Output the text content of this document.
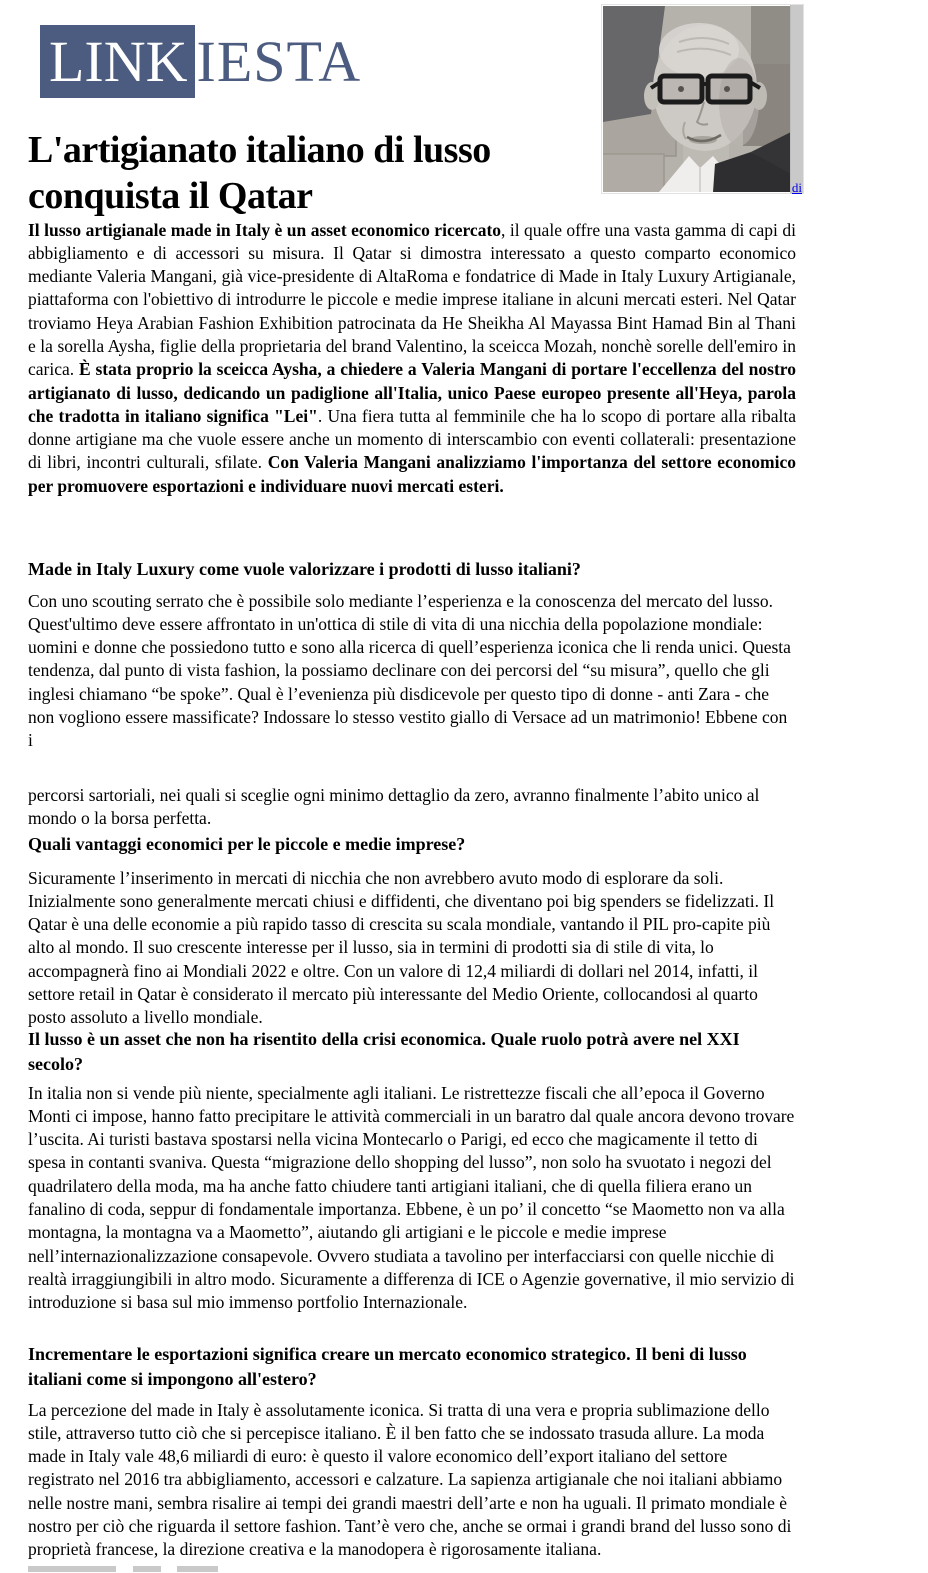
LINK IESTA
L'artigianato italiano di lusso conquista il Qatar	di

Il lusso artigianale made in Italy è un asset economico ricercato, il quale offre una vasta gamma di capi di abbigliamento e di accessori su misura. Il Qatar si dimostra interessato a questo comparto economico mediante Valeria Mangani, già vice-presidente di AltaRoma e fondatrice di Made in Italy Luxury Artigianale, piattaforma con l'obiettivo di introdurre le piccole e medie imprese italiane in alcuni mercati esteri. Nel Qatar troviamo Heya Arabian Fashion Exhibition patrocinata da He Sheikha Al Mayassa Bint Hamad Bin al Thani e la sorella Aysha, figlie della proprietaria del brand Valentino, la sceicca Mozah, nonchè sorelle dell'emiro in carica. È stata proprio la sceicca Aysha, a chiedere a Valeria Mangani di portare l'eccellenza del nostro artigianato di lusso, dedicando un padiglione all'Italia, unico Paese europeo presente all'Heya, parola che tradotta in italiano significa "Lei". Una fiera tutta al femminile che ha lo scopo di portare alla ribalta donne artigiane ma che vuole essere anche un momento di interscambio con eventi collaterali: presentazione di libri, incontri culturali, sfilate. Con Valeria Mangani analizziamo l'importanza del settore economico per promuovere esportazioni e individuare nuovi mercati esteri.

Made in Italy Luxury come vuole valorizzare i prodotti di lusso italiani?

Con uno scouting serrato che è possibile solo mediante l’esperienza e la conoscenza del mercato del lusso. Quest'ultimo deve essere affrontato in un'ottica di stile di vita di una nicchia della popolazione mondiale: uomini e donne che possiedono tutto e sono alla ricerca di quell’esperienza iconica che li renda unici. Questa tendenza, dal punto di vista fashion, la possiamo declinare con dei percorsi del “su misura”, quello che gli inglesi chiamano “be spoke”. Qual è l’evenienza più disdicevole per questo tipo di donne - anti Zara - che non vogliono essere massificate? Indossare lo stesso vestito giallo di Versace ad un matrimonio! Ebbene con i

percorsi sartoriali, nei quali si sceglie ogni minimo dettaglio da zero, avranno finalmente l’abito unico al mondo o la borsa perfetta.

Quali vantaggi economici per le piccole e medie imprese?

Sicuramente l’inserimento in mercati di nicchia che non avrebbero avuto modo di esplorare da soli. Inizialmente sono generalmente mercati chiusi e diffidenti, che diventano poi big spenders se fidelizzati. Il Qatar è una delle economie a più rapido tasso di crescita su scala mondiale, vantando il PIL pro-capite più alto al mondo. Il suo crescente interesse per il lusso, sia in termini di prodotti sia di stile di vita, lo accompagnerà fino ai Mondiali 2022 e oltre. Con un valore di 12,4 miliardi di dollari nel 2014, infatti, il settore retail in Qatar è considerato il mercato più interessante del Medio Oriente, collocandosi al quarto posto assoluto a livello mondiale.

Il lusso è un asset che non ha risentito della crisi economica. Quale ruolo potrà avere nel XXI secolo?

In italia non si vende più niente, specialmente agli italiani. Le ristrettezze fiscali che all’epoca il Governo Monti ci impose, hanno fatto precipitare le attività commerciali in un baratro dal quale ancora devono trovare l’uscita. Ai turisti bastava spostarsi nella vicina Montecarlo o Parigi, ed ecco che magicamente il tetto di spesa in contanti svaniva. Questa “migrazione dello shopping del lusso”, non solo ha svuotato i negozi del quadrilatero della moda, ma ha anche fatto chiudere tanti artigiani italiani, che di quella filiera erano un fanalino di coda, seppur di fondamentale importanza. Ebbene, è un po’ il concetto “se Maometto non va alla montagna, la montagna va a Maometto”, aiutando gli artigiani e le piccole e medie imprese nell’internazionalizzazione consapevole. Ovvero studiata a tavolino per interfacciarsi con quelle nicchie di realtà irraggiungibili in altro modo. Sicuramente a differenza di ICE o Agenzie governative, il mio servizio di introduzione si basa sul mio immenso portfolio Internazionale.

Incrementare le esportazioni significa creare un mercato economico strategico. Il beni di lusso italiani come si impongono all'estero?

La percezione del made in Italy è assolutamente iconica. Si tratta di una vera e propria sublimazione dello stile, attraverso tutto ciò che si percepisce italiano. È il ben fatto che se indossato trasuda allure. La moda made in Italy vale 48,6 miliardi di euro: è questo il valore economico dell’export italiano del settore registrato nel 2016 tra abbigliamento, accessori e calzature. La sapienza artigianale che noi italiani abbiamo nelle nostre mani, sembra risalire ai tempi dei grandi maestri dell’arte e non ha uguali. Il primato mondiale è nostro per ciò che riguarda il settore fashion. Tant’è vero che, anche se ormai i grandi brand del lusso sono di proprietà francese, la direzione creativa e la manodopera è rigorosamente italiana.
